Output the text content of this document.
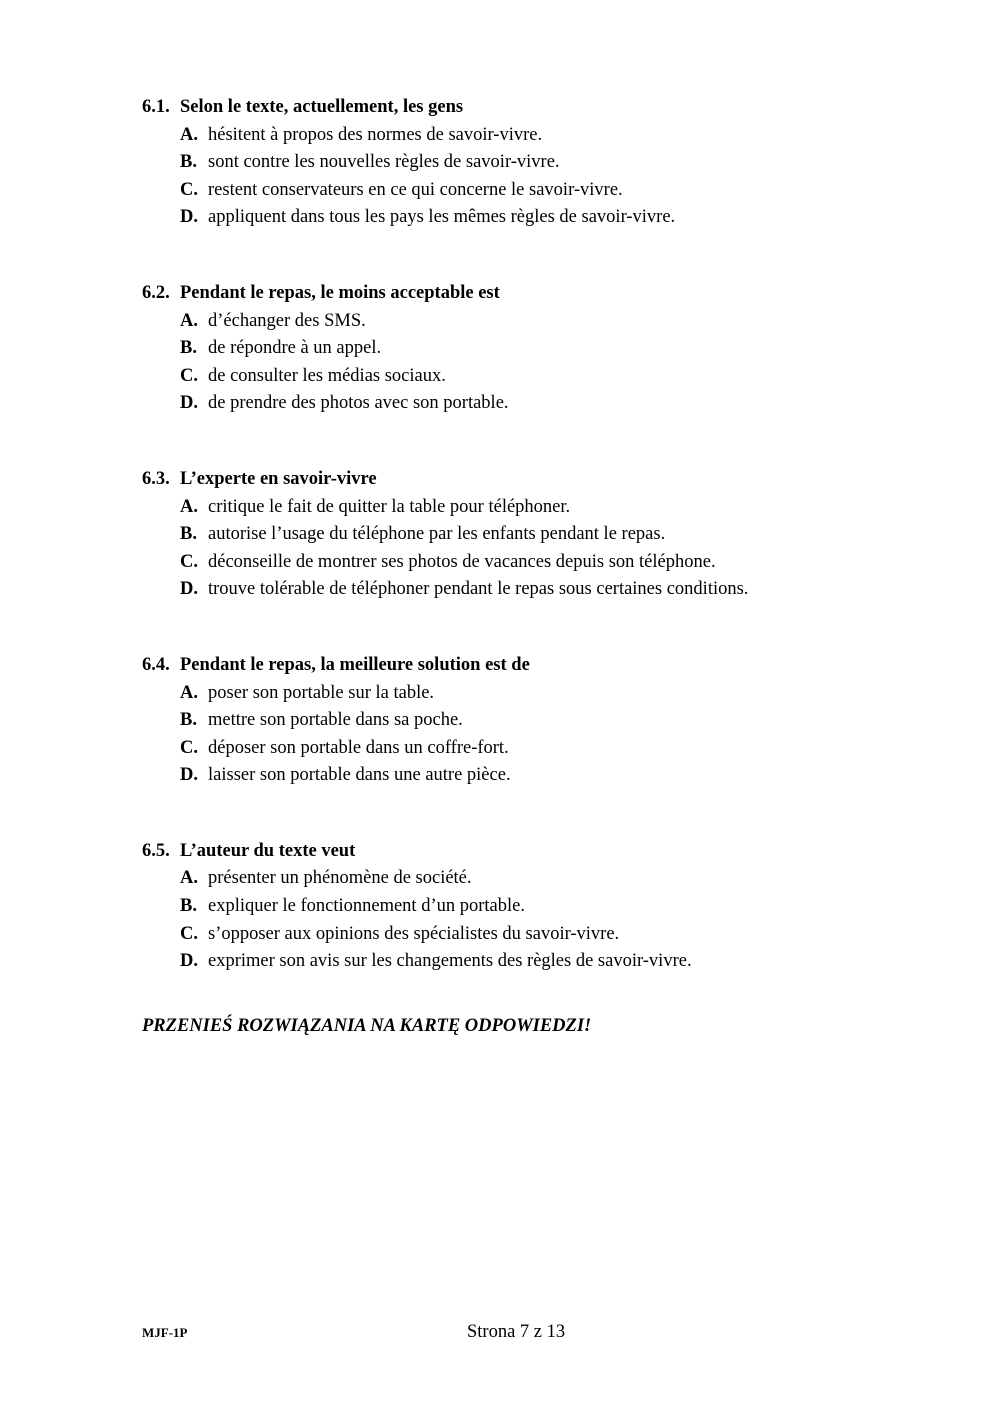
6.1. Selon le texte, actuellement, les gens
A. hésitent à propos des normes de savoir-vivre.
B. sont contre les nouvelles règles de savoir-vivre.
C. restent conservateurs en ce qui concerne le savoir-vivre.
D. appliquent dans tous les pays les mêmes règles de savoir-vivre.
6.2. Pendant le repas, le moins acceptable est
A. d’échanger des SMS.
B. de répondre à un appel.
C. de consulter les médias sociaux.
D. de prendre des photos avec son portable.
6.3. L’experte en savoir-vivre
A. critique le fait de quitter la table pour téléphoner.
B. autorise l’usage du téléphone par les enfants pendant le repas.
C. déconseille de montrer ses photos de vacances depuis son téléphone.
D. trouve tolérable de téléphoner pendant le repas sous certaines conditions.
6.4. Pendant le repas, la meilleure solution est de
A. poser son portable sur la table.
B. mettre son portable dans sa poche.
C. déposer son portable dans un coffre-fort.
D. laisser son portable dans une autre pièce.
6.5. L’auteur du texte veut
A. présenter un phénomène de société.
B. expliquer le fonctionnement d’un portable.
C. s’opposer aux opinions des spécialistes du savoir-vivre.
D. exprimer son avis sur les changements des règles de savoir-vivre.
PRZENIEŚ ROZWIĄZANIA NA KARTĘ ODPOWIEDZI!
MJF-1P	Strona 7 z 13
